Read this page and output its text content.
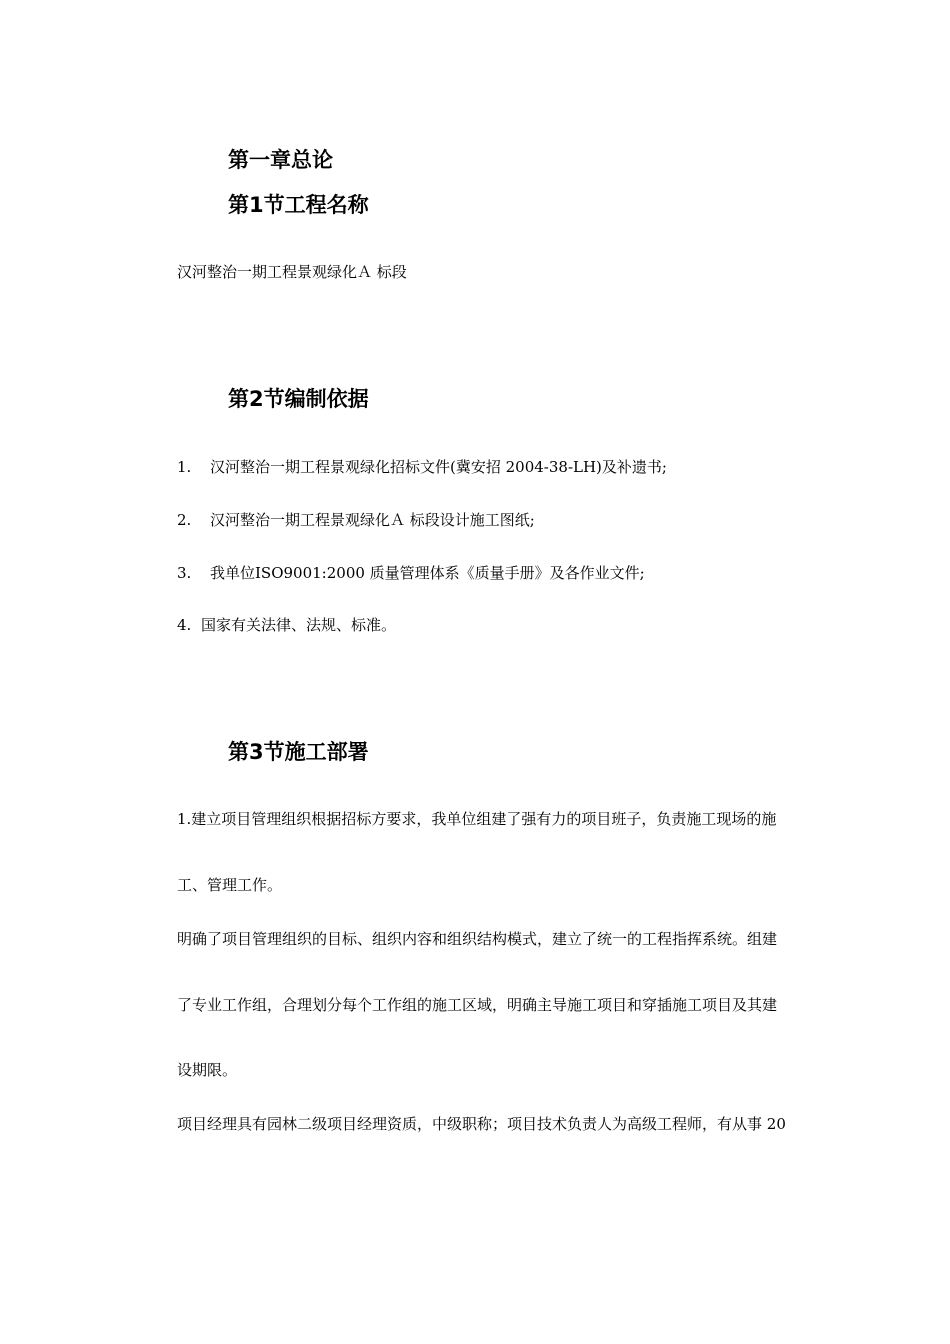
第一章总论
第1节工程名称
汉河整治一期工程景观绿化Ａ 标段
第2节编制依据
1. 汉河整治一期工程景观绿化招标文件(冀安招 2004-38-LH)及补遗书;
2. 汉河整治一期工程景观绿化Ａ 标段设计施工图纸;
3. 我单位ISO9001:2000 质量管理体系《质量手册》及各作业文件;
4. 国家有关法律、法规、标准。
第3节施工部署
1.建立项目管理组织根据招标方要求，我单位组建了强有力的项目班子，负责施工现场的施
工、管理工作。
明确了项目管理组织的目标、组织内容和组织结构模式，建立了统一的工程指挥系统。组建
了专业工作组，合理划分每个工作组的施工区域，明确主导施工项目和穿插施工项目及其建
设期限。
项目经理具有园林二级项目经理资质，中级职称；项目技术负责人为高级工程师，有从事 20
